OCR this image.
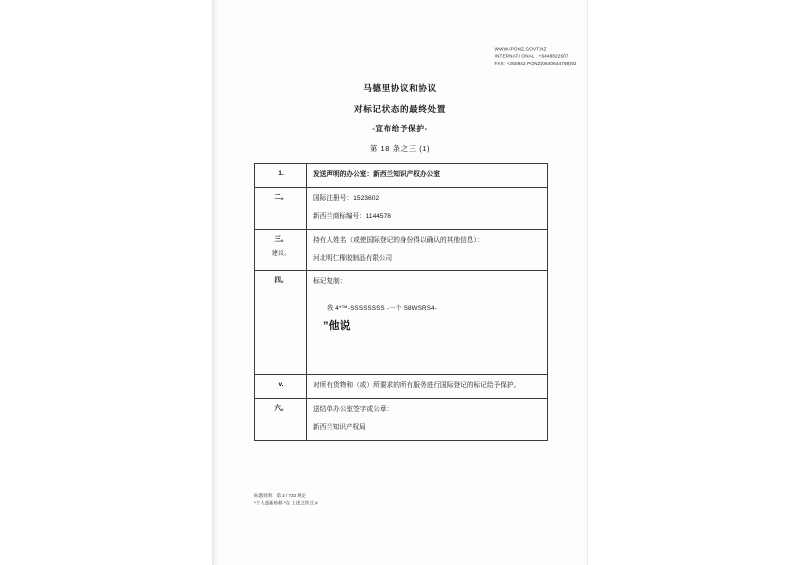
WWW.IPONZ.GOVT.NZ
INTERNATI ONAL . +6448822607
FAX: +250842 PONZ(0640644788)92
马德里协议和协议
对标记状态的最终处置
-宣布给予保护-
第 18 条之三 (1)
1.	发送声明的办公室：新西兰知识产权办公室
二。	国际注册号：1523602
新西兰商标编号：1144578

三。
建议。	持有人姓名（或使国际登记的身份得以确认的其他信息）：
河北明仁橡胶制品有限公司

四。	标记复制：
我 4*™-SSSSSSSS -一个 S8WSRS4-
”他说

v.	对所有货物和（或）所要求的所有服务进行国际登记的标记给予保护。
六。	送结单办公室签字或公章：
新西兰知识产权局
标题说明：第 2 / 733 规定
*个人重新转移 *在 上述之样式 #
